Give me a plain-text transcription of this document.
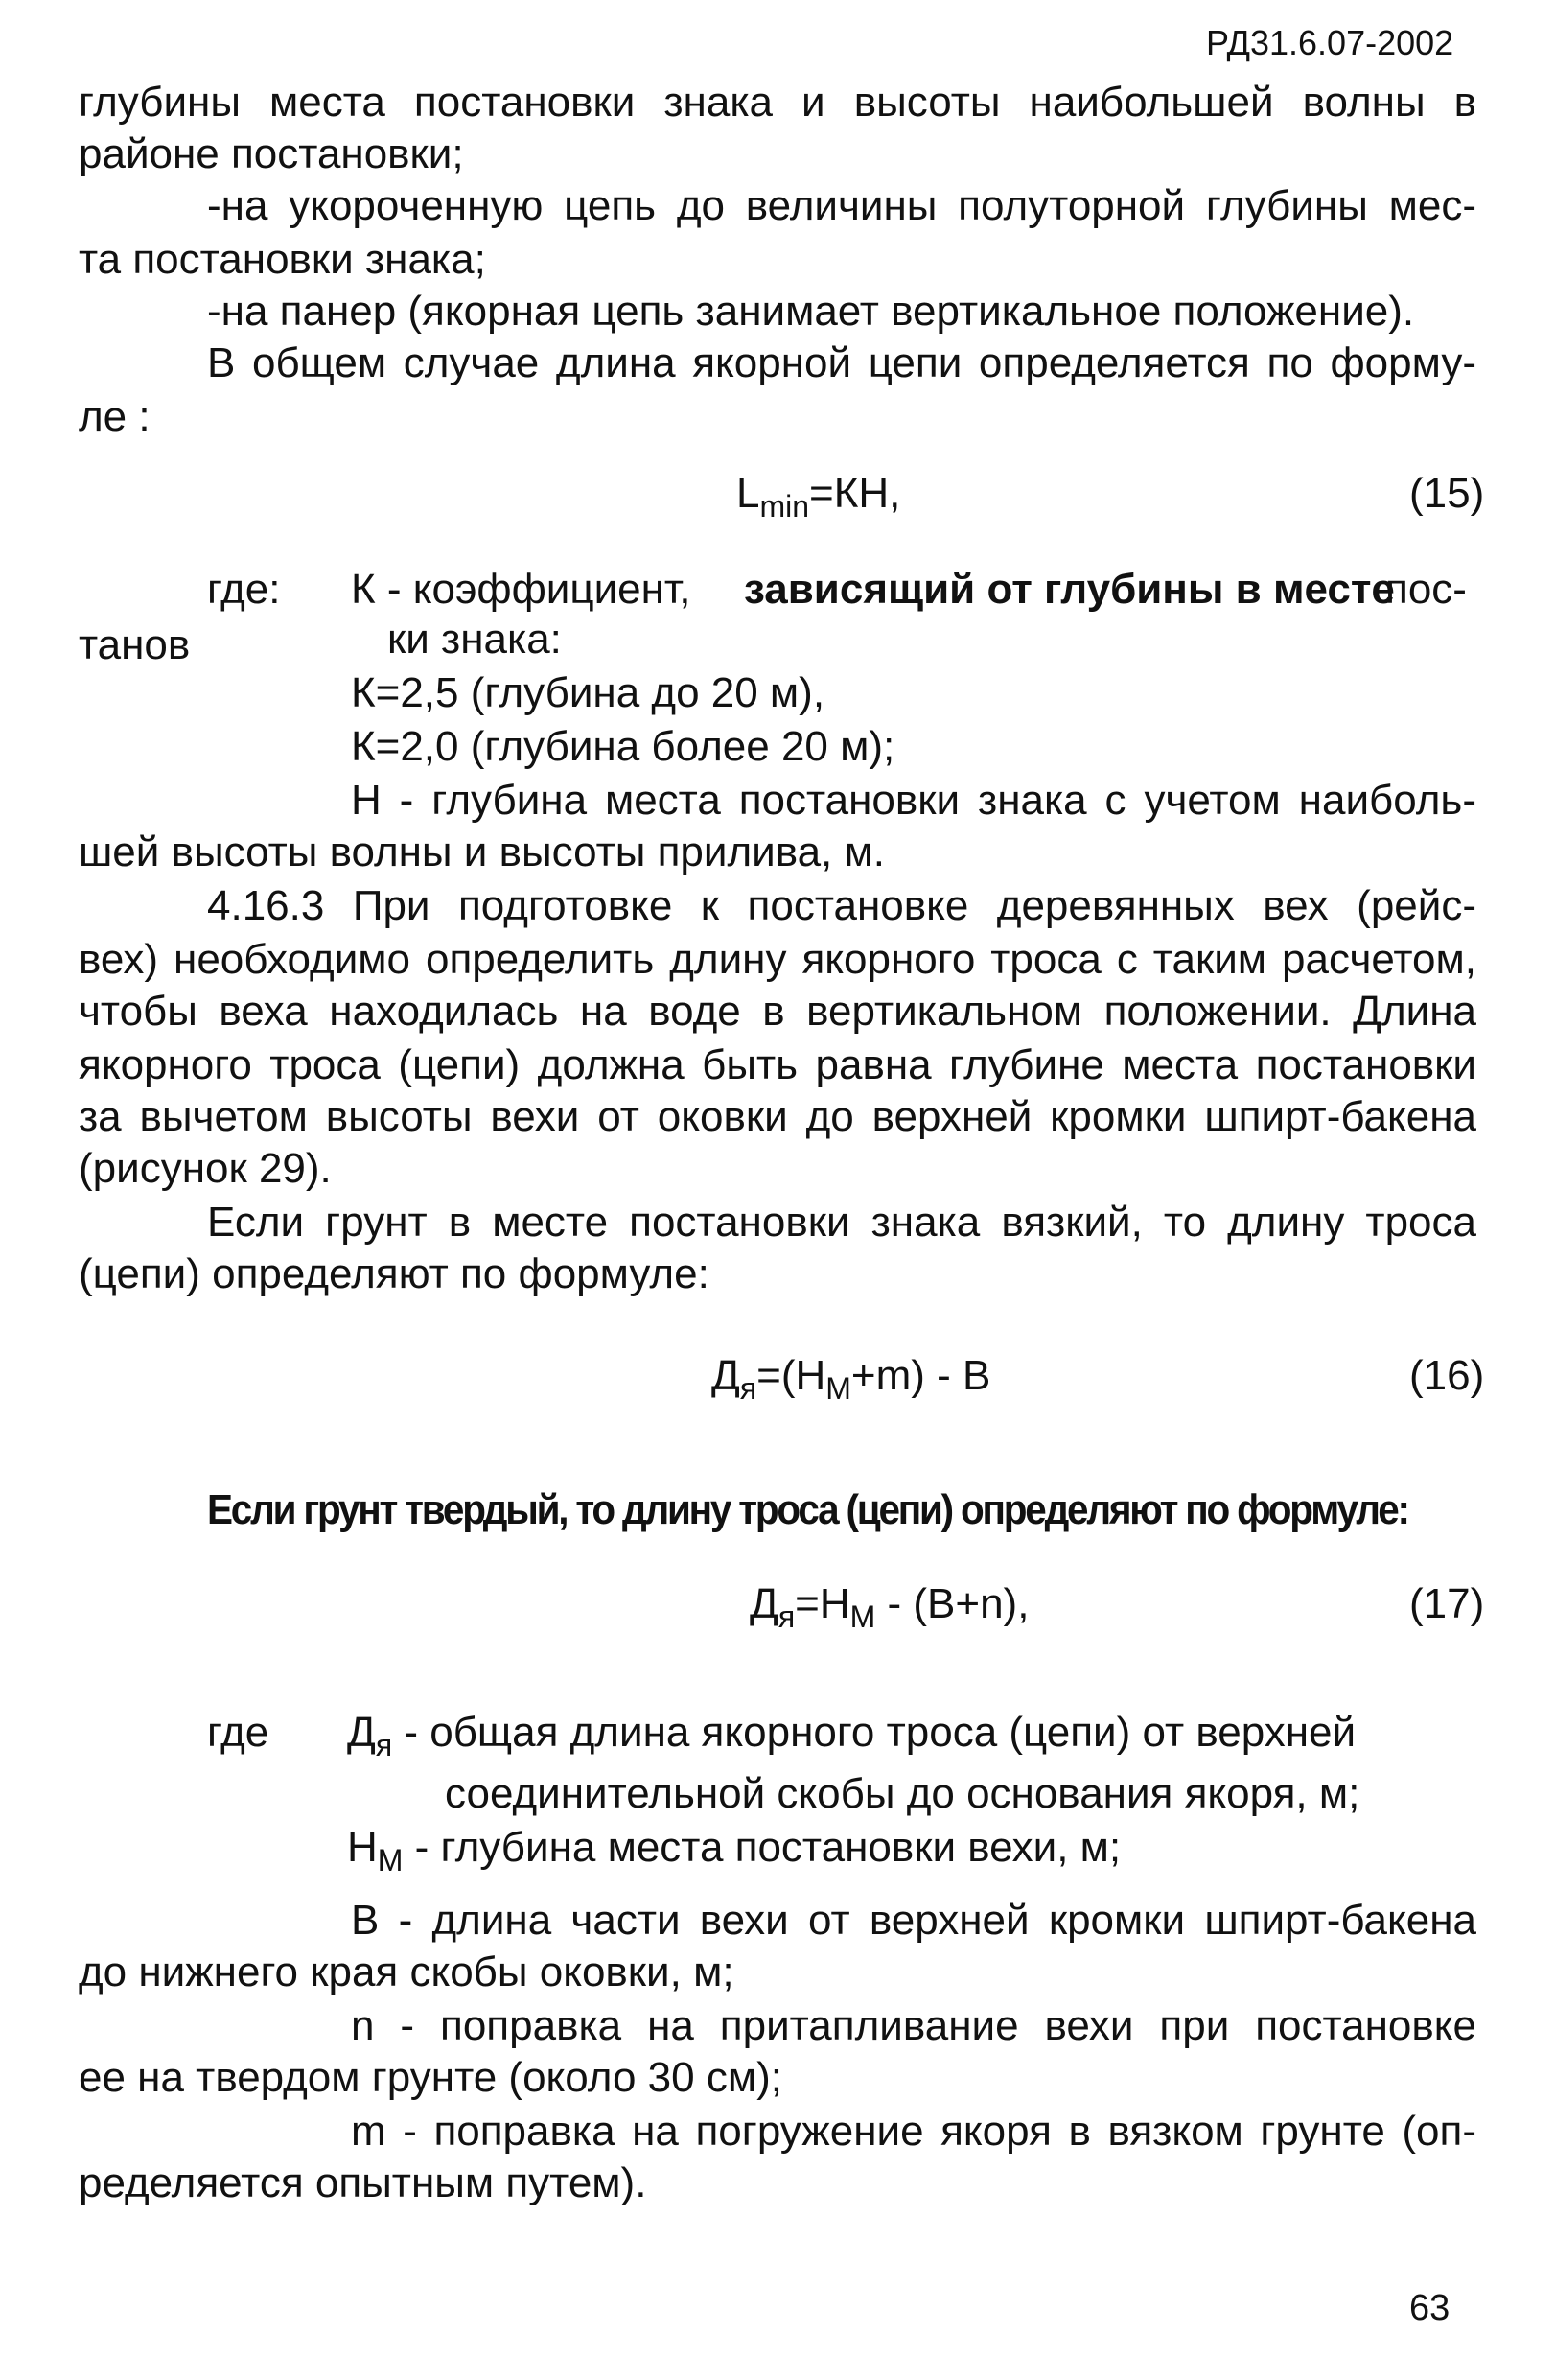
РД31.6.07-2002
глубины места постановки знака и высоты наибольшей волны в
районе постановки;
-на укороченную цепь до величины полуторной глубины мес-
та постановки знака;
-на панер (якорная цепь занимает вертикальное положение).
В общем случае длина якорной цепи определяется по форму-
ле :
$L_{min}=КН$,	(15)
где: К - коэффициент, зависящий от глубины в месте
пос-
танов	ки знака:
К=2,5 (глубина до 20 м),
К=2,0 (глубина более 20 м);
Н - глубина места постановки знака с учетом наиболь-
шей высоты волны и высоты прилива, м.
4.16.3 При подготовке к постановке деревянных вех (рейс-
вех) необходимо определить длину якорного троса с таким расчетом,
чтобы веха находилась на воде в вертикальном положении. Длина
якорного троса (цепи) должна быть равна глубине места постановки
за вычетом высоты вехи от оковки до верхней кромки шпирт-бакена
(рисунок 29).
Если грунт в месте постановки знака вязкий, то длину троса
(цепи) определяют по формуле:
$Д_я=(Н_М+m) - В$	(16)
Если грунт твердый, то длину троса (цепи) определяют по формуле:
$Д_я=Н_М - (В+n)$,	(17)
где $Д_я$ - общая длина якорного троса (цепи) от верхней
соединительной скобы до основания якоря, м;
$Н_М$ - глубина места постановки вехи, м;
В - длина части вехи от верхней кромки шпирт-бакена
до нижнего края скобы оковки, м;
n - поправка на притапливание вехи при постановке
ее на твердом грунте (около 30 см);
m - поправка на погружение якоря в вязком грунте (оп-
ределяется опытным путем).
63
